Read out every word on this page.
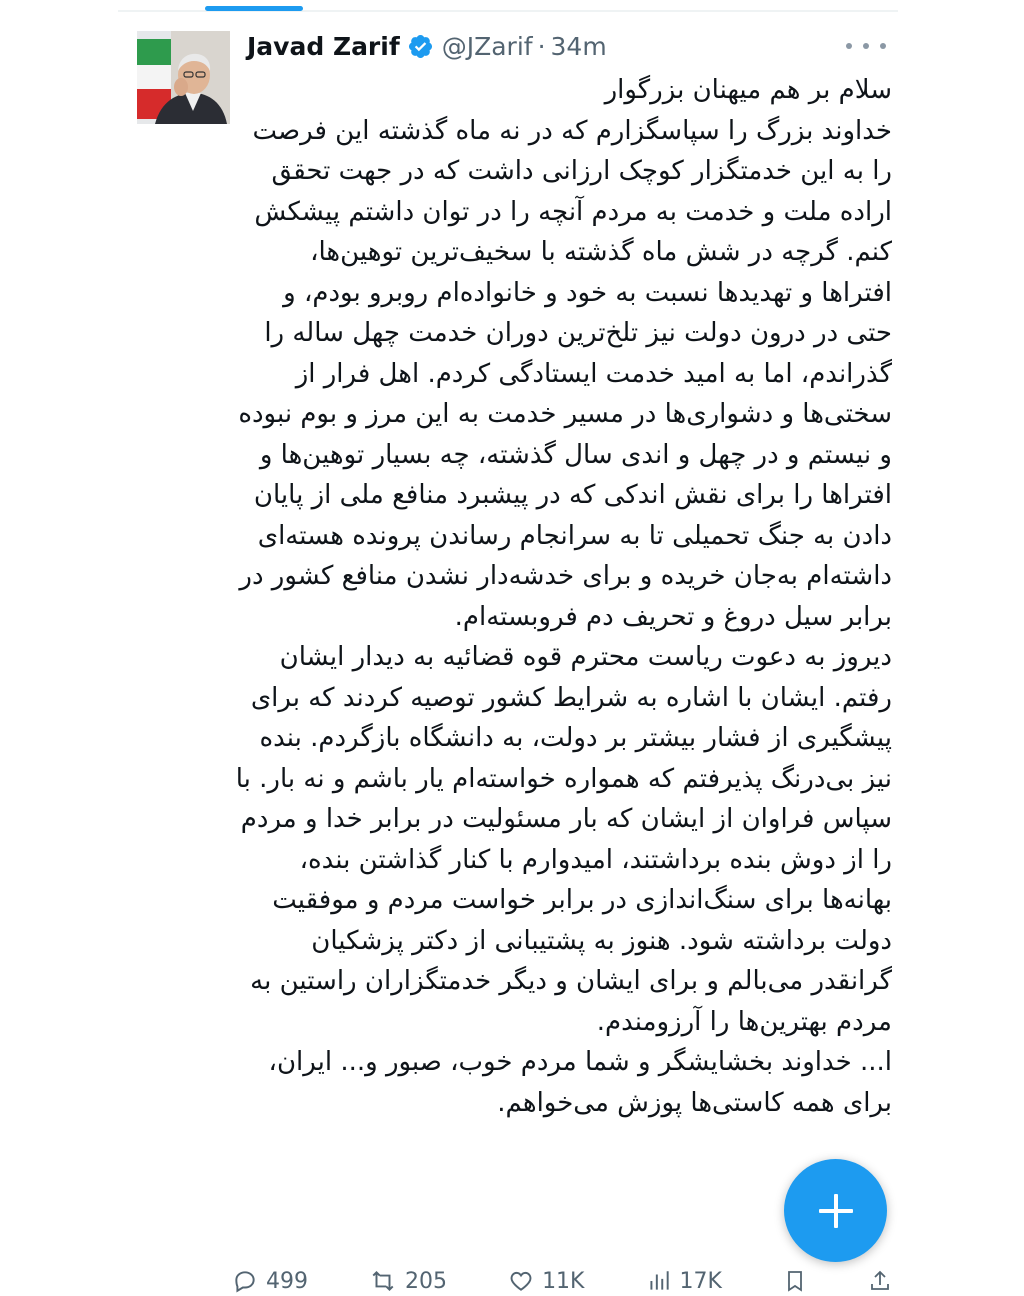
Javad Zarif @JZarif · 34m

سلام بر هم میهنان بزرگوار

خداوند بزرگ را سپاسگزارم که در نه ماه گذشته این فرصت را به این خدمتگزار کوچک ارزانی داشت که در جهت تحقق اراده ملت و خدمت به مردم آنچه را در توان داشتم پیشکش کنم. گرچه در شش ماه گذشته با سخیف‌ترین توهین‌ها، افتراها و تهدیدها نسبت به خود و خانواده‌ام روبرو بودم، و حتی در درون دولت نیز تلخ‌ترین دوران خدمت چهل ساله را گذراندم، اما به امید خدمت ایستادگی کردم. اهل فرار از سختی‌ها و دشواری‌ها در مسیر خدمت به این مرز و بوم نبوده و نیستم و در چهل و اندی سال گذشته، چه بسیار توهین‌ها و افتراها را برای نقش اندکی که در پیشبرد منافع ملی از پایان دادن به جنگ تحمیلی تا به سرانجام رساندن پرونده هسته‌ای داشته‌ام به‌جان خریده و برای خدشه‌دار نشدن منافع کشور در برابر سیل دروغ و تحریف دم فروبسته‌ام.

دیروز به دعوت ریاست محترم قوه قضائیه به دیدار ایشان رفتم. ایشان با اشاره به شرایط کشور توصیه کردند که برای پیشگیری از فشار بیشتر بر دولت، به دانشگاه بازگردم. بنده نیز بی‌درنگ پذیرفتم که همواره خواسته‌ام یار باشم و نه بار. با سپاس فراوان از ایشان که بار مسئولیت در برابر خدا و مردم را از دوش بنده برداشتند، امیدوارم با کنار گذاشتن بنده، بهانه‌ها برای سنگ‌اندازی در برابر خواست مردم و موفقیت دولت برداشته شود. هنوز به پشتیبانی از دکتر پزشکیان گرانقدر می‌بالم و برای ایشان و دیگر خدمتگزاران راستین به مردم بهترین‌ها را آرزومندم.

ا... خداوند بخشایشگر و شما مردم خوب، صبور و... ایران، برای همه کاستی‌ها پوزش می‌خواهم.

499	205	11K	17K
